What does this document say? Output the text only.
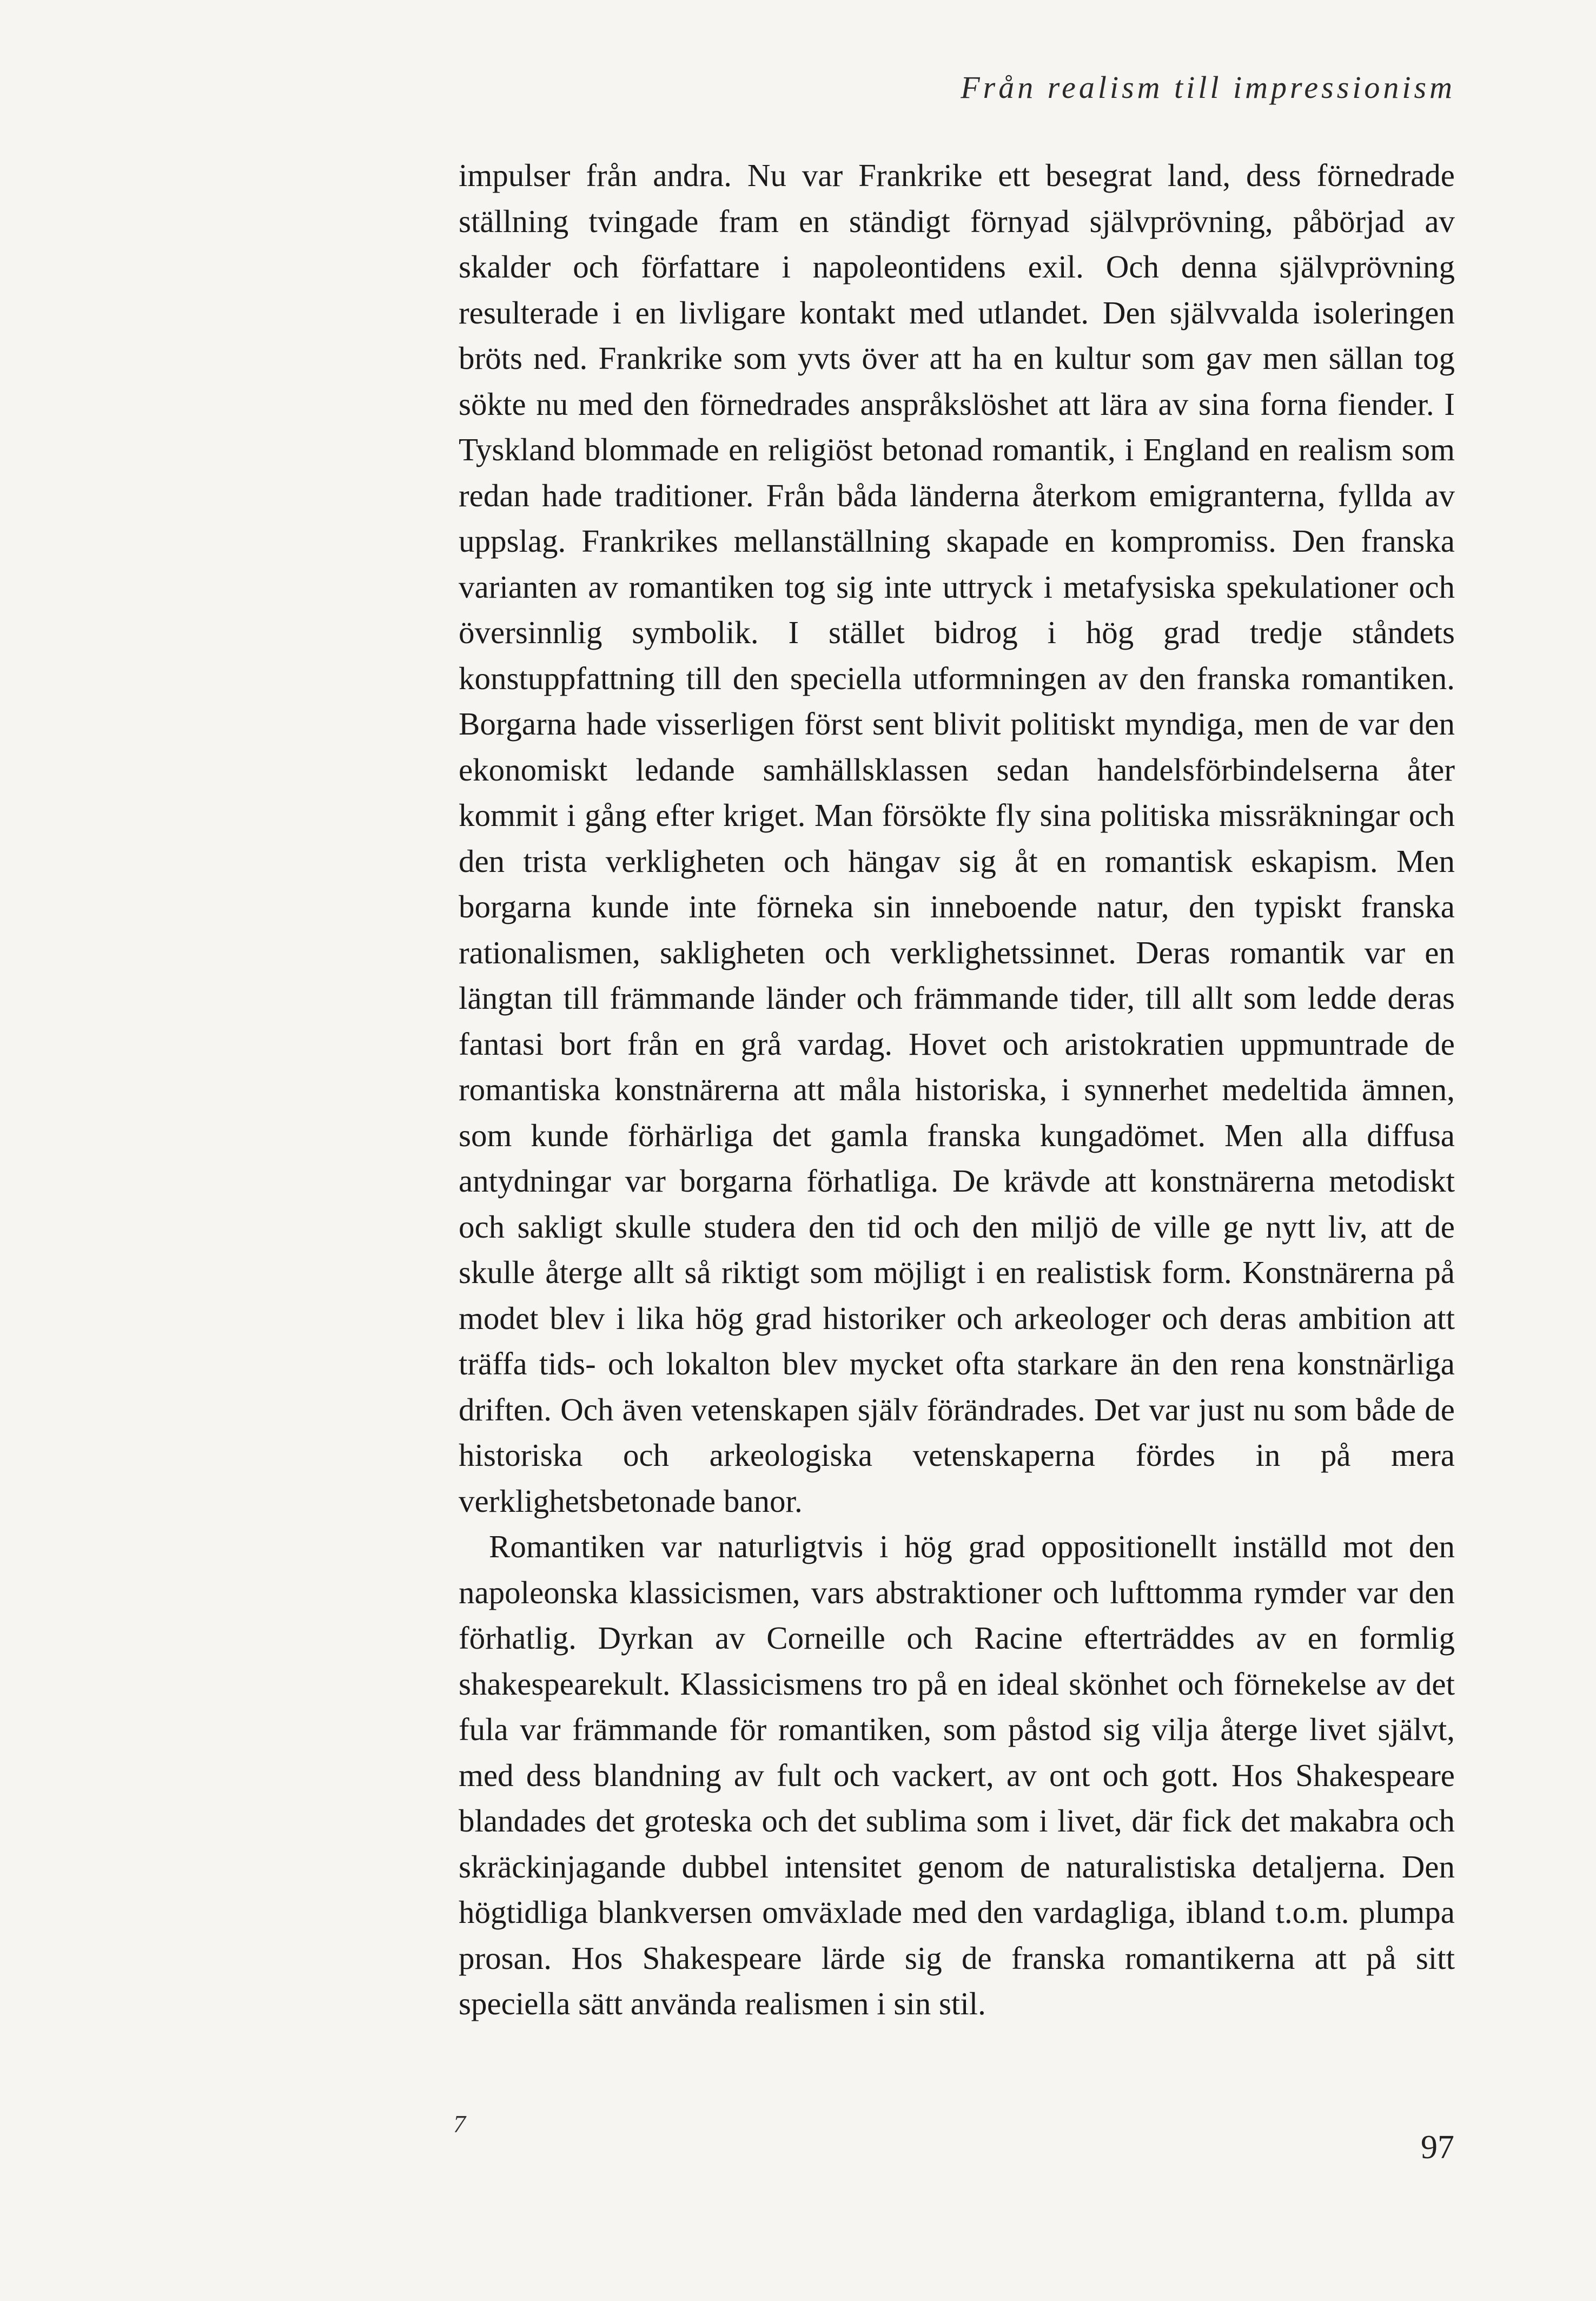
Från realism till impressionism

impulser från andra. Nu var Frankrike ett besegrat land, dess förnedrade ställning tvingade fram en ständigt förnyad självprövning, påbörjad av skalder och författare i napoleontidens exil. Och denna självprövning resulterade i en livligare kontakt med utlandet. Den självvalda isoleringen bröts ned. Frankrike som yvts över att ha en kultur som gav men sällan tog sökte nu med den förnedrades anspråkslöshet att lära av sina forna fiender. I Tyskland blommade en religiöst betonad romantik, i England en realism som redan hade traditioner. Från båda länderna återkom emigranterna, fyllda av uppslag. Frankrikes mellanställning skapade en kompromiss. Den franska varianten av romantiken tog sig inte uttryck i metafysiska spekulationer och översinnlig symbolik. I stället bidrog i hög grad tredje ståndets konstuppfattning till den speciella utformningen av den franska romantiken. Borgarna hade visserligen först sent blivit politiskt myndiga, men de var den ekonomiskt ledande samhällsklassen sedan handelsförbindelserna åter kommit i gång efter kriget. Man försökte fly sina politiska missräkningar och den trista verkligheten och hängav sig åt en romantisk eskapism. Men borgarna kunde inte förneka sin inneboende natur, den typiskt franska rationalismen, sakligheten och verklighetssinnet. Deras romantik var en längtan till främmande länder och främmande tider, till allt som ledde deras fantasi bort från en grå vardag. Hovet och aristokratien uppmuntrade de romantiska konstnärerna att måla historiska, i synnerhet medeltida ämnen, som kunde förhärliga det gamla franska kungadömet. Men alla diffusa antydningar var borgarna förhatliga. De krävde att konstnärerna metodiskt och sakligt skulle studera den tid och den miljö de ville ge nytt liv, att de skulle återge allt så riktigt som möjligt i en realistisk form. Konstnärerna på modet blev i lika hög grad historiker och arkeologer och deras ambition att träffa tids- och lokalton blev mycket ofta starkare än den rena konstnärliga driften. Och även vetenskapen själv förändrades. Det var just nu som både de historiska och arkeologiska vetenskaperna fördes in på mera verklighetsbetonade banor.

Romantiken var naturligtvis i hög grad oppositionellt inställd mot den napoleonska klassicismen, vars abstraktioner och lufttomma rymder var den förhatlig. Dyrkan av Corneille och Racine efterträddes av en formlig shakespearekult. Klassicismens tro på en ideal skönhet och förnekelse av det fula var främmande för romantiken, som påstod sig vilja återge livet självt, med dess blandning av fult och vackert, av ont och gott. Hos Shakespeare blandades det groteska och det sublima som i livet, där fick det makabra och skräckinjagande dubbel intensitet genom de naturalistiska detaljerna. Den högtidliga blankversen omväxlade med den vardagliga, ibland t.o.m. plumpa prosan. Hos Shakespeare lärde sig de franska romantikerna att på sitt speciella sätt använda realismen i sin stil.

7
97
